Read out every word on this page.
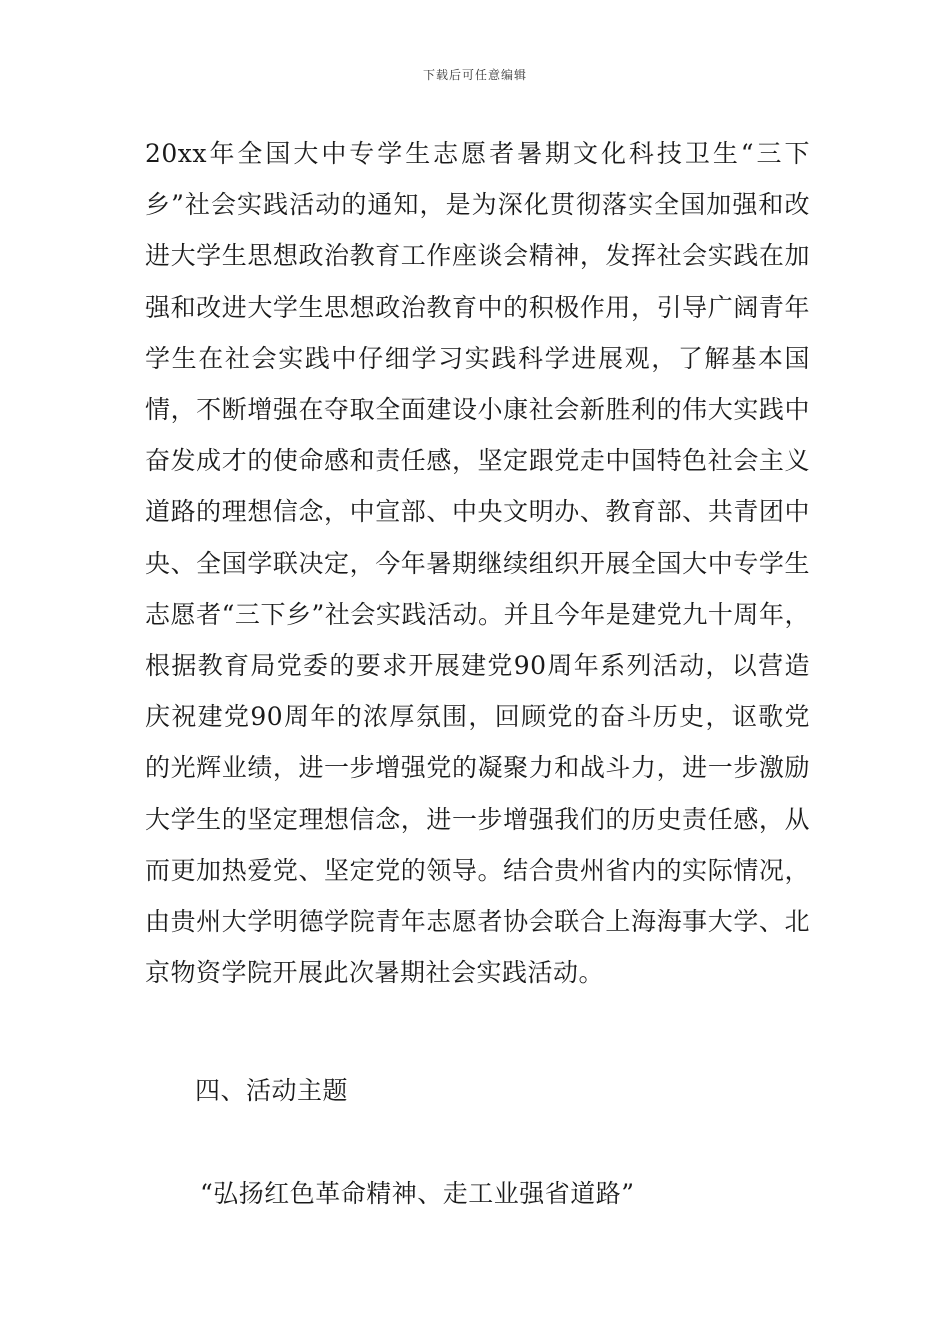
下载后可任意编辑

20xx年全国大中专学生志愿者暑期文化科技卫生“三下乡”社会实践活动的通知，是为深化贯彻落实全国加强和改进大学生思想政治教育工作座谈会精神，发挥社会实践在加强和改进大学生思想政治教育中的积极作用，引导广阔青年学生在社会实践中仔细学习实践科学进展观，了解基本国情，不断增强在夺取全面建设小康社会新胜利的伟大实践中奋发成才的使命感和责任感，坚定跟党走中国特色社会主义道路的理想信念，中宣部、中央文明办、教育部、共青团中央、全国学联决定，今年暑期继续组织开展全国大中专学生志愿者“三下乡”社会实践活动。并且今年是建党九十周年，根据教育局党委的要求开展建党90周年系列活动，以营造庆祝建党90周年的浓厚氛围，回顾党的奋斗历史，讴歌党的光辉业绩，进一步增强党的凝聚力和战斗力，进一步激励大学生的坚定理想信念，进一步增强我们的历史责任感，从而更加热爱党、坚定党的领导。结合贵州省内的实际情况，由贵州大学明德学院青年志愿者协会联合上海海事大学、北京物资学院开展此次暑期社会实践活动。

四、活动主题

“弘扬红色革命精神、走工业强省道路”
